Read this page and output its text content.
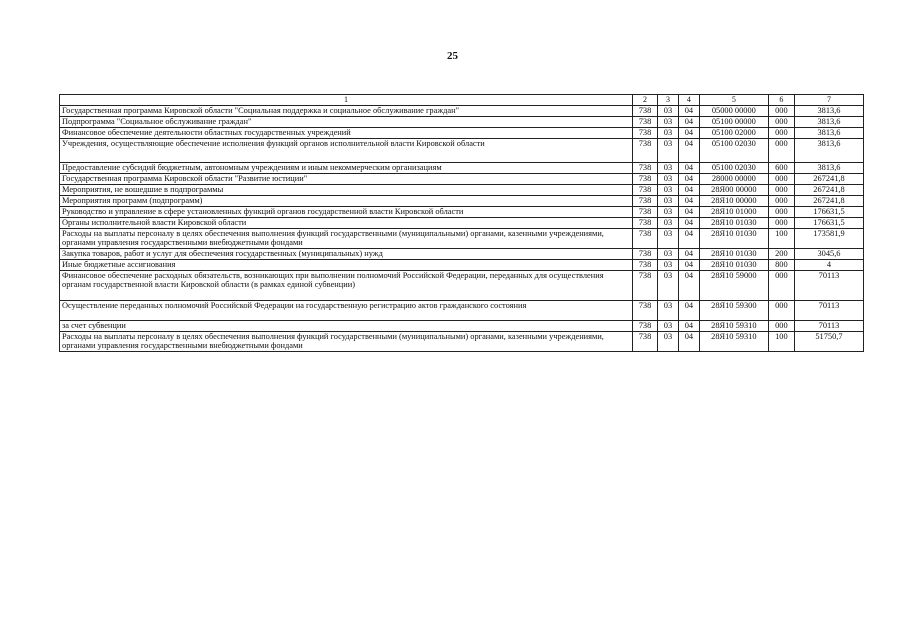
25
1	2	3	4	5	6	7
Государственная программа Кировской области "Социальная поддержка и социальное обслуживание граждан"	738	03	04	05000 00000	000	3813,6
Подпрограмма "Социальное обслуживание граждан"	738	03	04	05100 00000	000	3813,6
Финансовое обеспечение деятельности областных государственных учреждений	738	03	04	05100 02000	000	3813,6
Учреждения, осуществляющие обеспечение исполнения функций органов исполнительной власти Кировской области	738	03	04	05100 02030	000	3813,6
Предоставление субсидий бюджетным, автономным учреждениям и иным некоммерческим организациям	738	03	04	05100 02030	600	3813,6
Государственная программа Кировской области "Развитие юстиции"	738	03	04	28000 00000	000	267241,8
Мероприятия, не вошедшие в подпрограммы	738	03	04	28Я00 00000	000	267241,8
Мероприятия программ (подпрограмм)	738	03	04	28Я10 00000	000	267241,8
Руководство и управление в сфере установленных функций органов государственной власти Кировской области	738	03	04	28Я10 01000	000	176631,5
Органы исполнительной власти Кировской области	738	03	04	28Я10 01030	000	176631,5
Расходы на выплаты персоналу в целях обеспечения выполнения функций государственными (муниципальными) органами, казенными учреждениями, органами управления государственными внебюджетными фондами	738	03	04	28Я10 01030	100	173581,9
Закупка товаров, работ и услуг для обеспечения государственных (муниципальных) нужд	738	03	04	28Я10 01030	200	3045,6
Иные бюджетные ассигнования	738	03	04	28Я10 01030	800	4
Финансовое обеспечение расходных обязательств, возникающих при выполнении полномочий Российской Федерации, переданных для осуществления органам государственной власти Кировской области (в рамках единой субвенции)	738	03	04	28Я10 59000	000	70113
Осуществление переданных полномочий Российской Федерации на государственную регистрацию актов гражданского состояния	738	03	04	28Я10 59300	000	70113
за счет субвенции	738	03	04	28Я10 59310	000	70113
Расходы на выплаты персоналу в целях обеспечения выполнения функций государственными (муниципальными) органами, казенными учреждениями, органами управления государственными внебюджетными фондами	738	03	04	28Я10 59310	100	51750,7
